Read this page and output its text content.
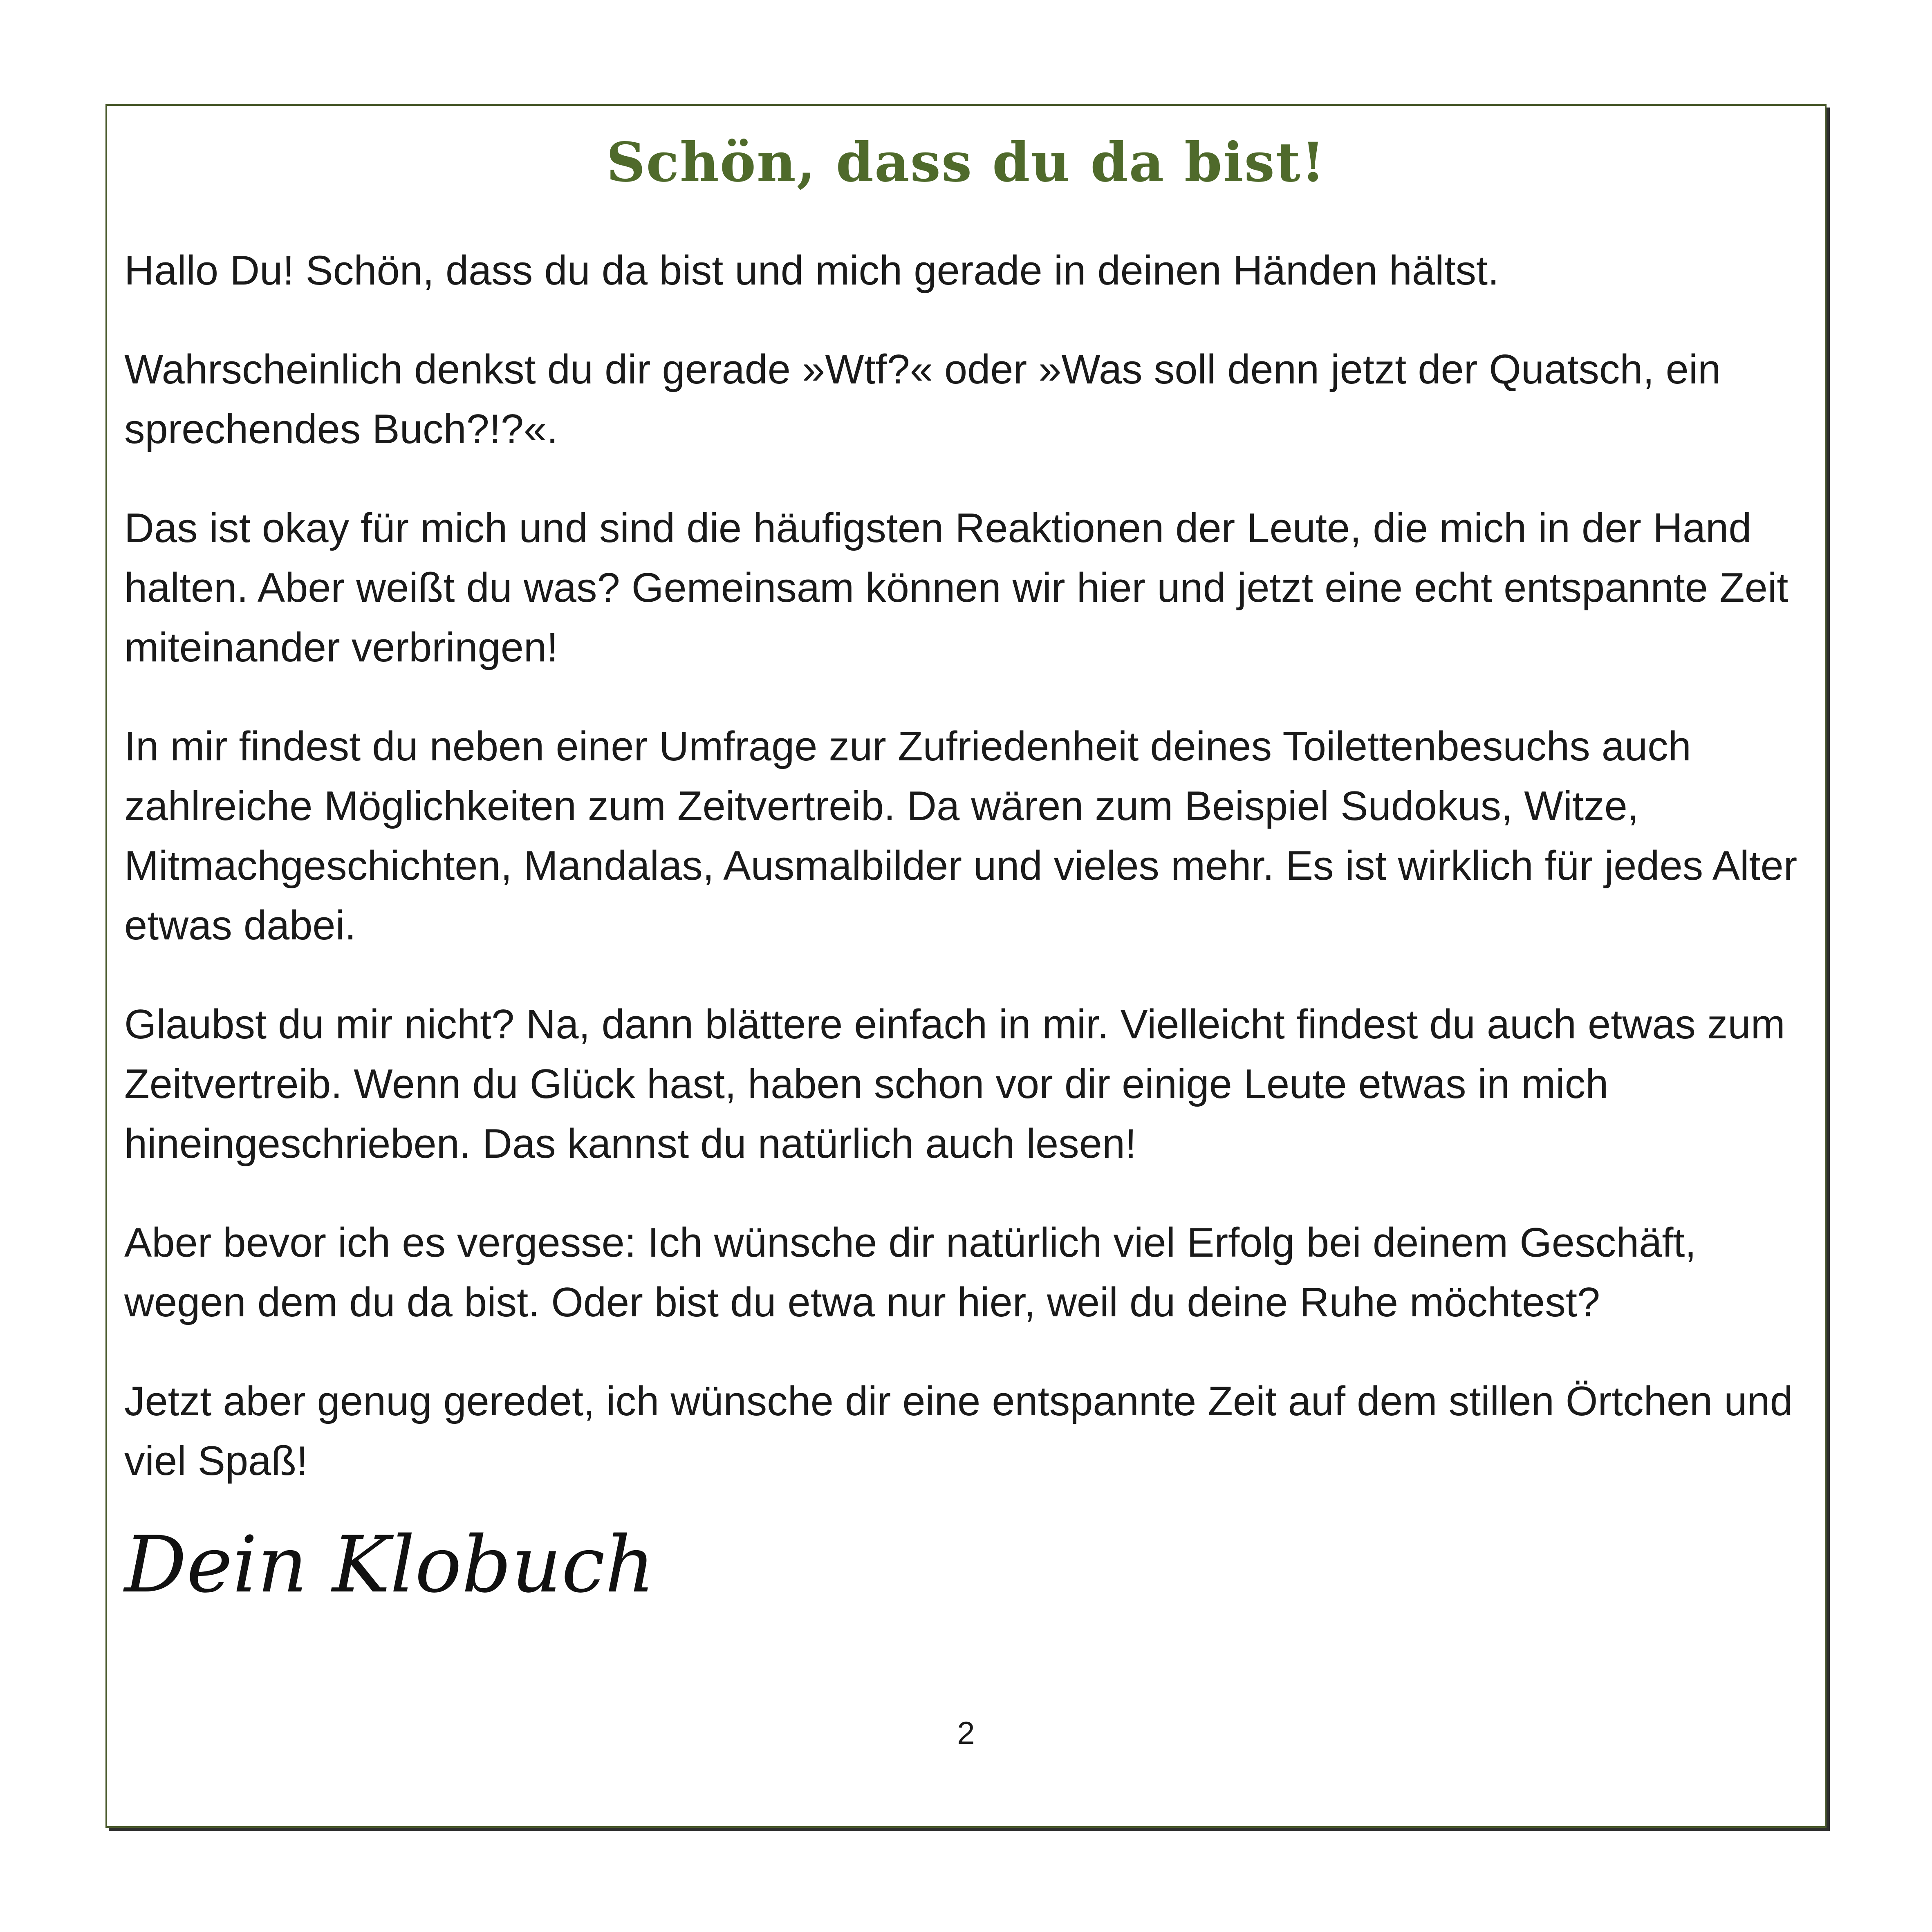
Schön, dass du da bist!

Hallo Du! Schön, dass du da bist und mich gerade in deinen Händen hältst.

Wahrscheinlich denkst du dir gerade »Wtf?« oder »Was soll denn jetzt der Quatsch, ein sprechendes Buch?!?«.

Das ist okay für mich und sind die häufigsten Reaktionen der Leute, die mich in der Hand halten. Aber weißt du was? Gemeinsam können wir hier und jetzt eine echt entspannte Zeit miteinander verbringen!

In mir findest du neben einer Umfrage zur Zufriedenheit deines Toilettenbesuchs auch zahlreiche Möglichkeiten zum Zeitvertreib. Da wären zum Beispiel Sudokus, Witze, Mitmachgeschichten, Mandalas, Ausmalbilder und vieles mehr. Es ist wirklich für jedes Alter etwas dabei.

Glaubst du mir nicht? Na, dann blättere einfach in mir. Vielleicht findest du auch etwas zum Zeitvertreib. Wenn du Glück hast, haben schon vor dir einige Leute etwas in mich hineingeschrieben. Das kannst du natürlich auch lesen!

Aber bevor ich es vergesse: Ich wünsche dir natürlich viel Erfolg bei deinem Geschäft, wegen dem du da bist. Oder bist du etwa nur hier, weil du deine Ruhe möchtest?

Jetzt aber genug geredet, ich wünsche dir eine entspannte Zeit auf dem stillen Örtchen und viel Spaß!

Dein Klobuch
2
